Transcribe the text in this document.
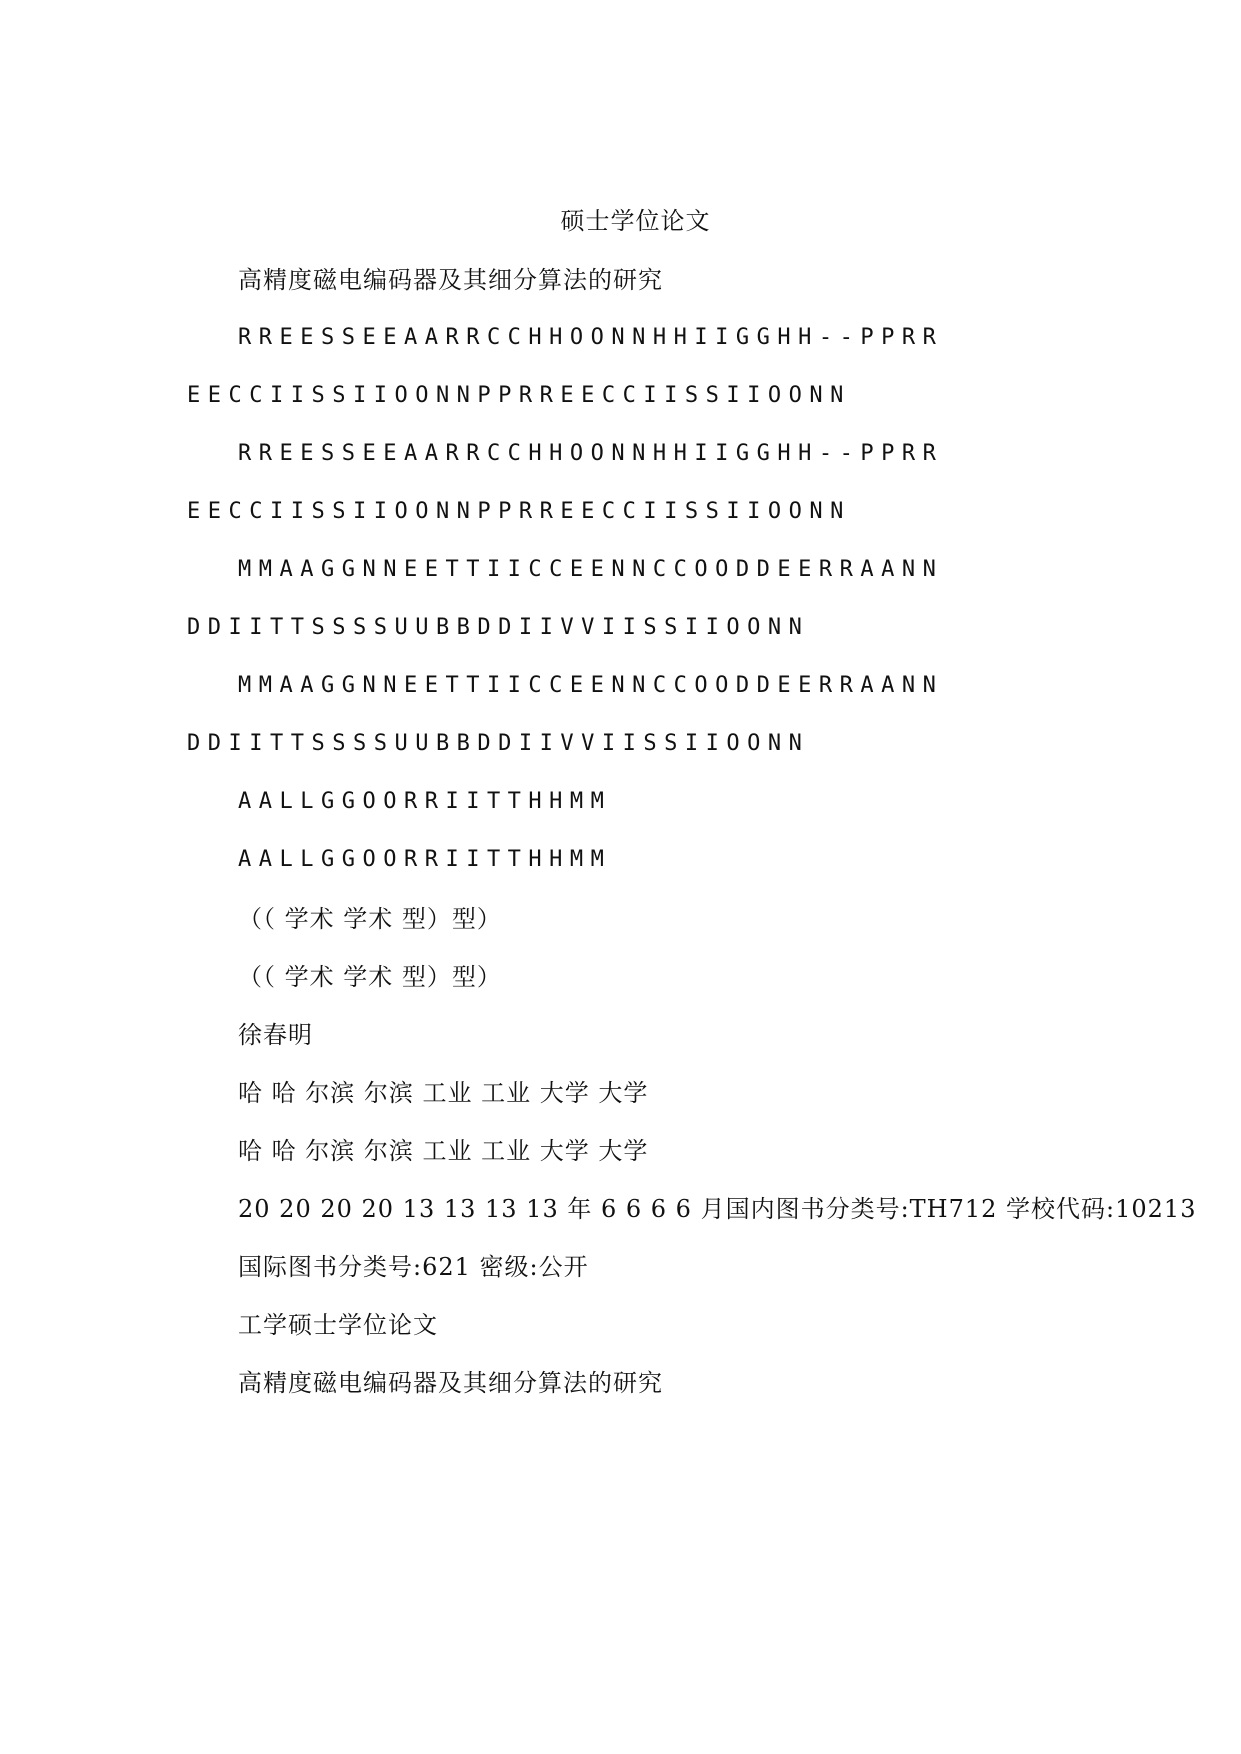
硕士学位论文
高精度磁电编码器及其细分算法的研究
RREESSEEAARRCCHHOONNHHIIGGHH--PPRR
EECCIISSIIOONNPPRREECCIISSIIOONN
RREESSEEAARRCCHHOONNHHIIGGHH--PPRR
EECCIISSIIOONNPPRREECCIISSIIOONN
MMAAGGNNEETTIICCEENNCCOODDEERRAANN
DDIITTSSSSUUBBDDIIVVIISSIIOONN
MMAAGGNNEETTIICCEENNCCOODDEERRAANN
DDIITTSSSSUUBBDDIIVVIISSIIOONN
AALLGGOORRIITTHHMM
AALLGGOORRIITTHHMM
（（ 学术 学术 型）型）
（（ 学术 学术 型）型）
徐春明
哈 哈 尔滨 尔滨 工业 工业 大学 大学
哈 哈 尔滨 尔滨 工业 工业 大学 大学
20 20 20 20 13 13 13 13 年 6 6 6 6 月国内图书分类号:TH712 学校代码:10213
国际图书分类号:621 密级:公开
工学硕士学位论文
高精度磁电编码器及其细分算法的研究
